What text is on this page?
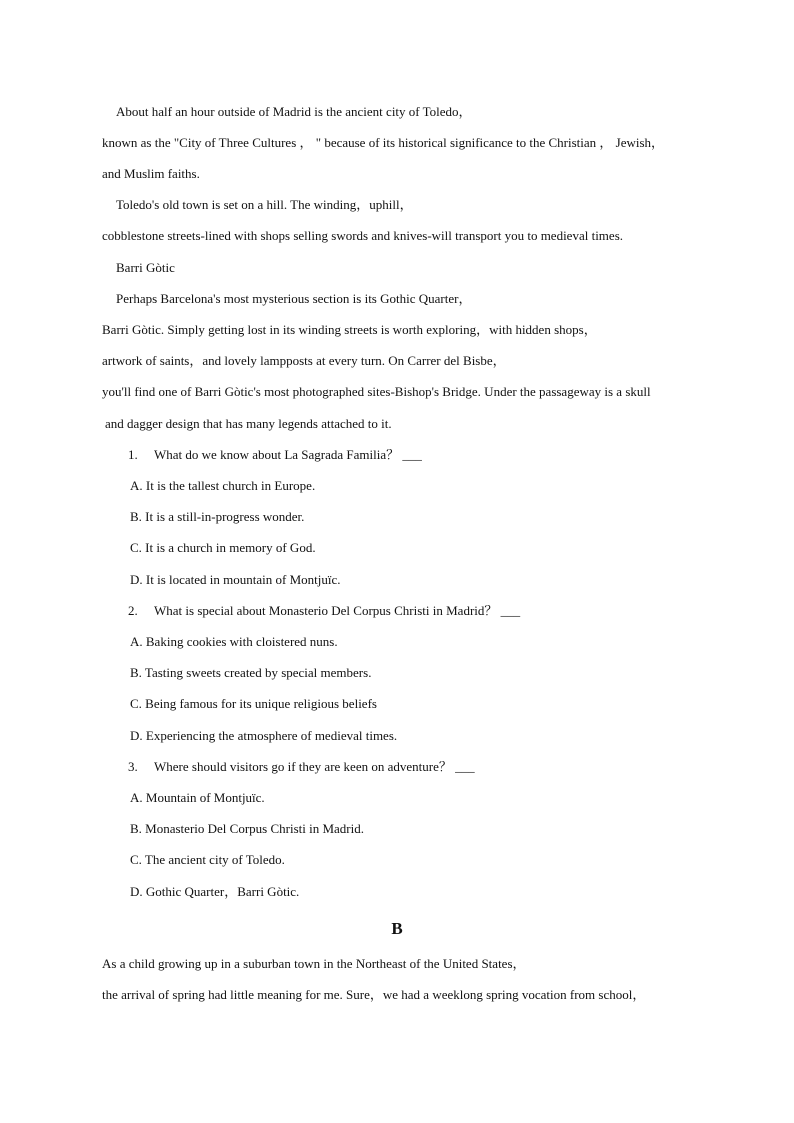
About half an hour outside of Madrid is the ancient city of Toledo，
known as the "City of Three Cultures ， " because of its historical significance to the Christian ， Jewish，
and Muslim faiths.
Toledo's old town is set on a hill. The winding，uphill，
cobblestone streets-lined with shops selling swords and knives-will transport you to medieval times.
Barri Gòtic
Perhaps Barcelona's most mysterious section is its Gothic Quarter，
Barri Gòtic. Simply getting lost in its winding streets is worth exploring，with hidden shops，
artwork of saints，and lovely lampposts at every turn. On Carrer del Bisbe，
you'll find one of Barri Gòtic's most photographed sites-Bishop's Bridge. Under the passageway is a skull
and dagger design that has many legends attached to it.
1. What do we know about La Sagrada Familia？ ___
A. It is the tallest church in Europe.
B. It is a still-in-progress wonder.
C. It is a church in memory of God.
D. It is located in mountain of Montjuïc.
2. What is special about Monasterio Del Corpus Christi in Madrid？ ___
A. Baking cookies with cloistered nuns.
B. Tasting sweets created by special members.
C. Being famous for its unique religious beliefs
D. Experiencing the atmosphere of medieval times.
3. Where should visitors go if they are keen on adventure？ ___
A. Mountain of Montjuïc.
B. Monasterio Del Corpus Christi in Madrid.
C. The ancient city of Toledo.
D. Gothic Quarter，Barri Gòtic.
B
As a child growing up in a suburban town in the Northeast of the United States，
the arrival of spring had little meaning for me. Sure，we had a weeklong spring vocation from school，
